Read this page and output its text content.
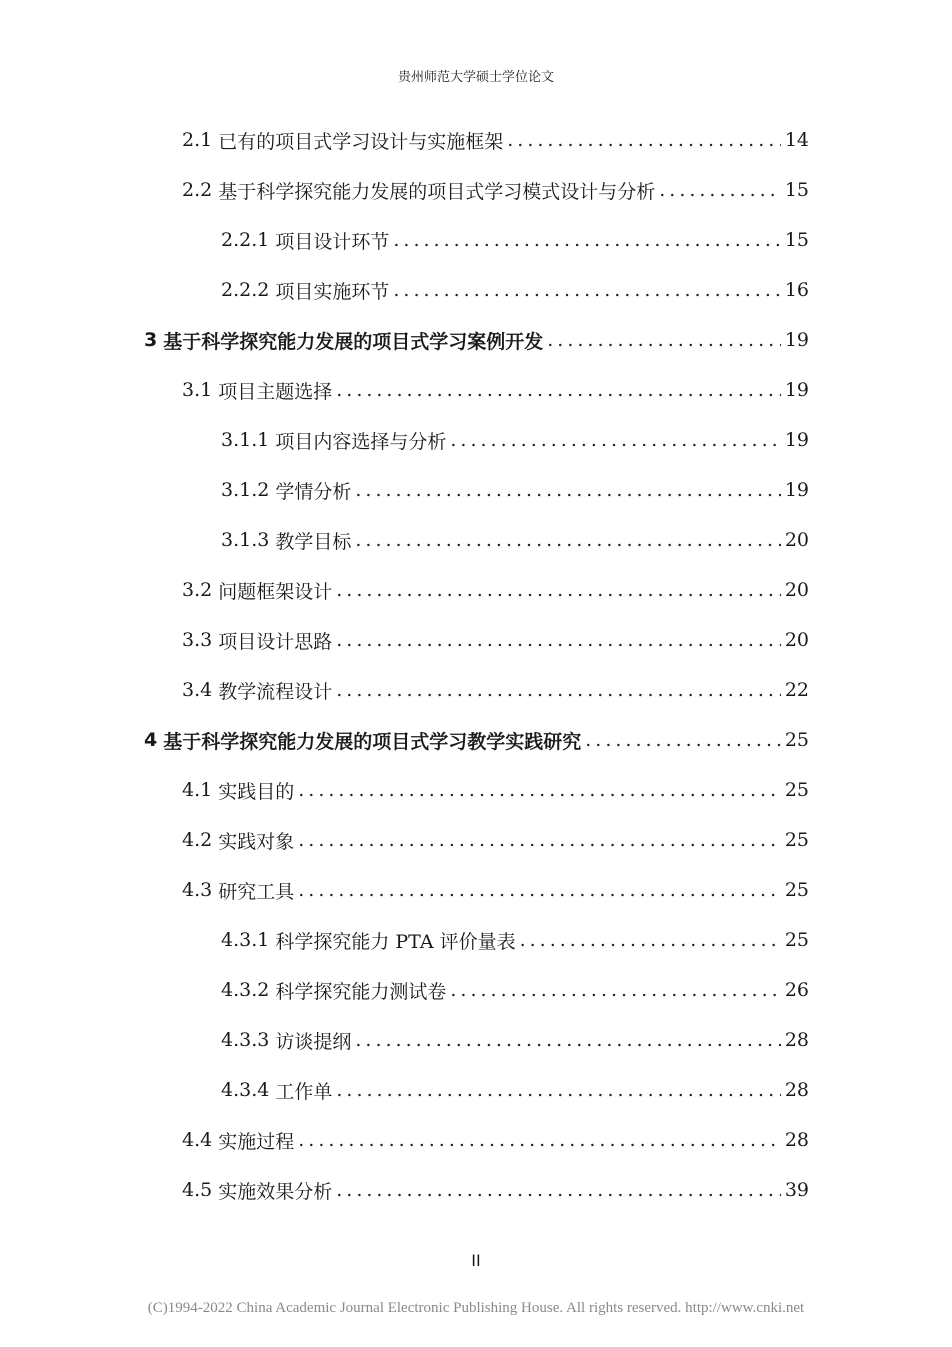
贵州师范大学硕士学位论文
2.1 已有的项目式学习设计与实施框架 .....	14
2.2 基于科学探究能力发展的项目式学习模式设计与分析 .....	15
2.2.1 项目设计环节 .....	15
2.2.2 项目实施环节 .....	16
3 基于科学探究能力发展的项目式学习案例开发 .....	19
3.1 项目主题选择 .....	19
3.1.1 项目内容选择与分析 .....	19
3.1.2 学情分析 .....	19
3.1.3 教学目标 .....	20
3.2 问题框架设计 .....	20
3.3 项目设计思路 .....	20
3.4 教学流程设计 .....	22
4 基于科学探究能力发展的项目式学习教学实践研究 .....	25
4.1 实践目的 .....	25
4.2 实践对象 .....	25
4.3 研究工具 .....	25
4.3.1 科学探究能力 PTA 评价量表 .....	25
4.3.2 科学探究能力测试卷 .....	26
4.3.3 访谈提纲 .....	28
4.3.4 工作单 .....	28
4.4 实施过程 .....	28
4.5 实施效果分析 .....	39
II
(C)1994-2022 China Academic Journal Electronic Publishing House. All rights reserved. http://www.cnki.net
